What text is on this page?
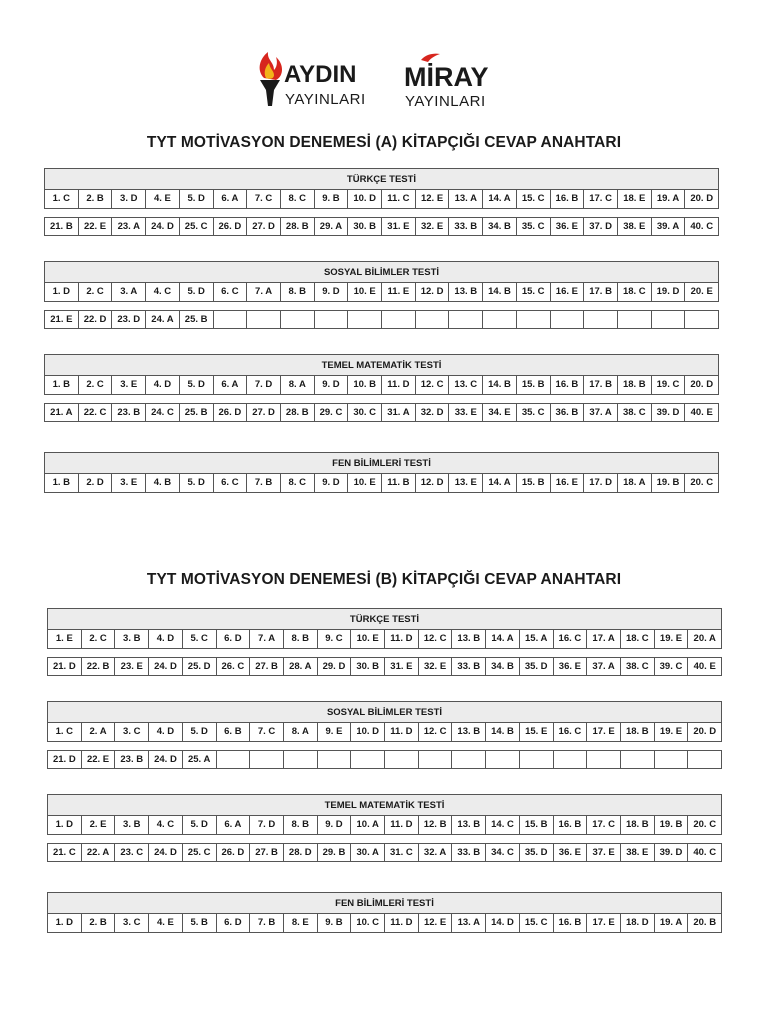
AYDIN
YAYINLARI
MİRAY
YAYINLARI
TYT MOTİVASYON DENEMESİ (A) KİTAPÇIĞI CEVAP ANAHTARI
TÜRKÇE TESTİ
1. C	2. B	3. D	4. E	5. D	6. A	7. C	8. C	9. B	10. D	11. C	12. E	13. A	14. A	15. C	16. B	17. C	18. E	19. A	20. D
21. B	22. E	23. A	24. D	25. C	26. D	27. D	28. B	29. A	30. B	31. E	32. E	33. B	34. B	35. C	36. E	37. D	38. E	39. A	40. C
SOSYAL BİLİMLER TESTİ
1. D	2. C	3. A	4. C	5. D	6. C	7. A	8. B	9. D	10. E	11. E	12. D	13. B	14. B	15. C	16. E	17. B	18. C	19. D	20. E
21. E	22. D	23. D	24. A	25. B
TEMEL MATEMATİK TESTİ
1. B	2. C	3. E	4. D	5. D	6. A	7. D	8. A	9. D	10. B	11. D	12. C	13. C	14. B	15. B	16. B	17. B	18. B	19. C	20. D
21. A	22. C	23. B	24. C	25. B	26. D	27. D	28. B	29. C	30. C	31. A	32. D	33. E	34. E	35. C	36. B	37. A	38. C	39. D	40. E
FEN BİLİMLERİ TESTİ
1. B	2. D	3. E	4. B	5. D	6. C	7. B	8. C	9. D	10. E	11. B	12. D	13. E	14. A	15. B	16. E	17. D	18. A	19. B	20. C
TYT MOTİVASYON DENEMESİ (B) KİTAPÇIĞI CEVAP ANAHTARI
TÜRKÇE TESTİ
1. E	2. C	3. B	4. D	5. C	6. D	7. A	8. B	9. C	10. E	11. D	12. C	13. B	14. A	15. A	16. C	17. A	18. C	19. E	20. A
21. D	22. B	23. E	24. D	25. D	26. C	27. B	28. A	29. D	30. B	31. E	32. E	33. B	34. B	35. D	36. E	37. A	38. C	39. C	40. E
SOSYAL BİLİMLER TESTİ
1. C	2. A	3. C	4. D	5. D	6. B	7. C	8. A	9. E	10. D	11. D	12. C	13. B	14. B	15. E	16. C	17. E	18. B	19. E	20. D
21. D	22. E	23. B	24. D	25. A
TEMEL MATEMATİK TESTİ
1. D	2. E	3. B	4. C	5. D	6. A	7. D	8. B	9. D	10. A	11. D	12. B	13. B	14. C	15. B	16. B	17. C	18. B	19. B	20. C
21. C	22. A	23. C	24. D	25. C	26. D	27. B	28. D	29. B	30. A	31. C	32. A	33. B	34. C	35. D	36. E	37. E	38. E	39. D	40. C
FEN BİLİMLERİ TESTİ
1. D	2. B	3. C	4. E	5. B	6. D	7. B	8. E	9. B	10. C	11. D	12. E	13. A	14. D	15. C	16. B	17. E	18. D	19. A	20. B
